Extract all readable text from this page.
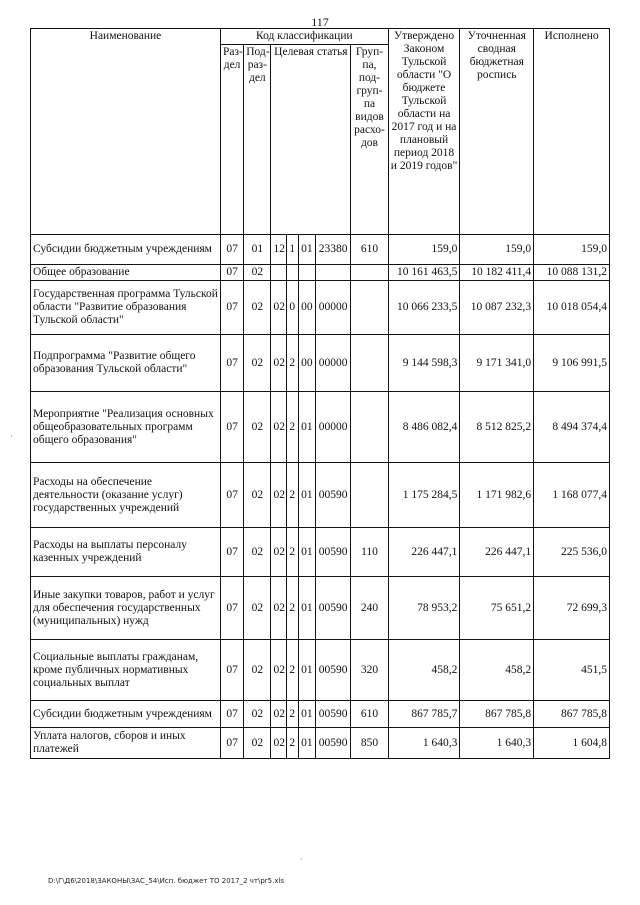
117
Наименование	Код классификации							Утверждено Законом Тульской области "О бюджете Тульской области на 2017 год и на плановый период 2018 и 2019 годов"	Уточненная сводная бюджетная роспись	Исполнено
	Раз-дел	Под-раз-дел	Целевая статья				Груп-па, под-груп-па видов расхо-дов			
Субсидии бюджетным учреждениям	07	01	12	1	01	23380	610	159,0	159,0	159,0
Общее образование	07	02						10 161 463,5	10 182 411,4	10 088 131,2
Государственная программа Тульской области "Развитие образования Тульской области"	07	02	02	0	00	00000		10 066 233,5	10 087 232,3	10 018 054,4
Подпрограмма "Развитие общего образования Тульской области"	07	02	02	2	00	00000		9 144 598,3	9 171 341,0	9 106 991,5
Мероприятие "Реализация основных общеобразовательных программ общего образования"	07	02	02	2	01	00000		8 486 082,4	8 512 825,2	8 494 374,4
Расходы на обеспечение деятельности (оказание услуг) государственных учреждений	07	02	02	2	01	00590		1 175 284,5	1 171 982,6	1 168 077,4
Расходы на выплаты персоналу казенных учреждений	07	02	02	2	01	00590	110	226 447,1	226 447,1	225 536,0
Иные закупки товаров, работ и услуг для обеспечения государственных (муниципальных) нужд	07	02	02	2	01	00590	240	78 953,2	75 651,2	72 699,3
Социальные выплаты гражданам, кроме публичных нормативных социальных выплат	07	02	02	2	01	00590	320	458,2	458,2	451,5
Субсидии бюджетным учреждениям	07	02	02	2	01	00590	610	867 785,7	867 785,8	867 785,8
Уплата налогов, сборов и иных платежей	07	02	02	2	01	00590	850	1 640,3	1 640,3	1 604,8
·
·
D:\Г\Д6\2018\ЗАКОНЫ\ЗАС_54\Исп. бюджет ТО 2017_2 чт\pr5.xls
